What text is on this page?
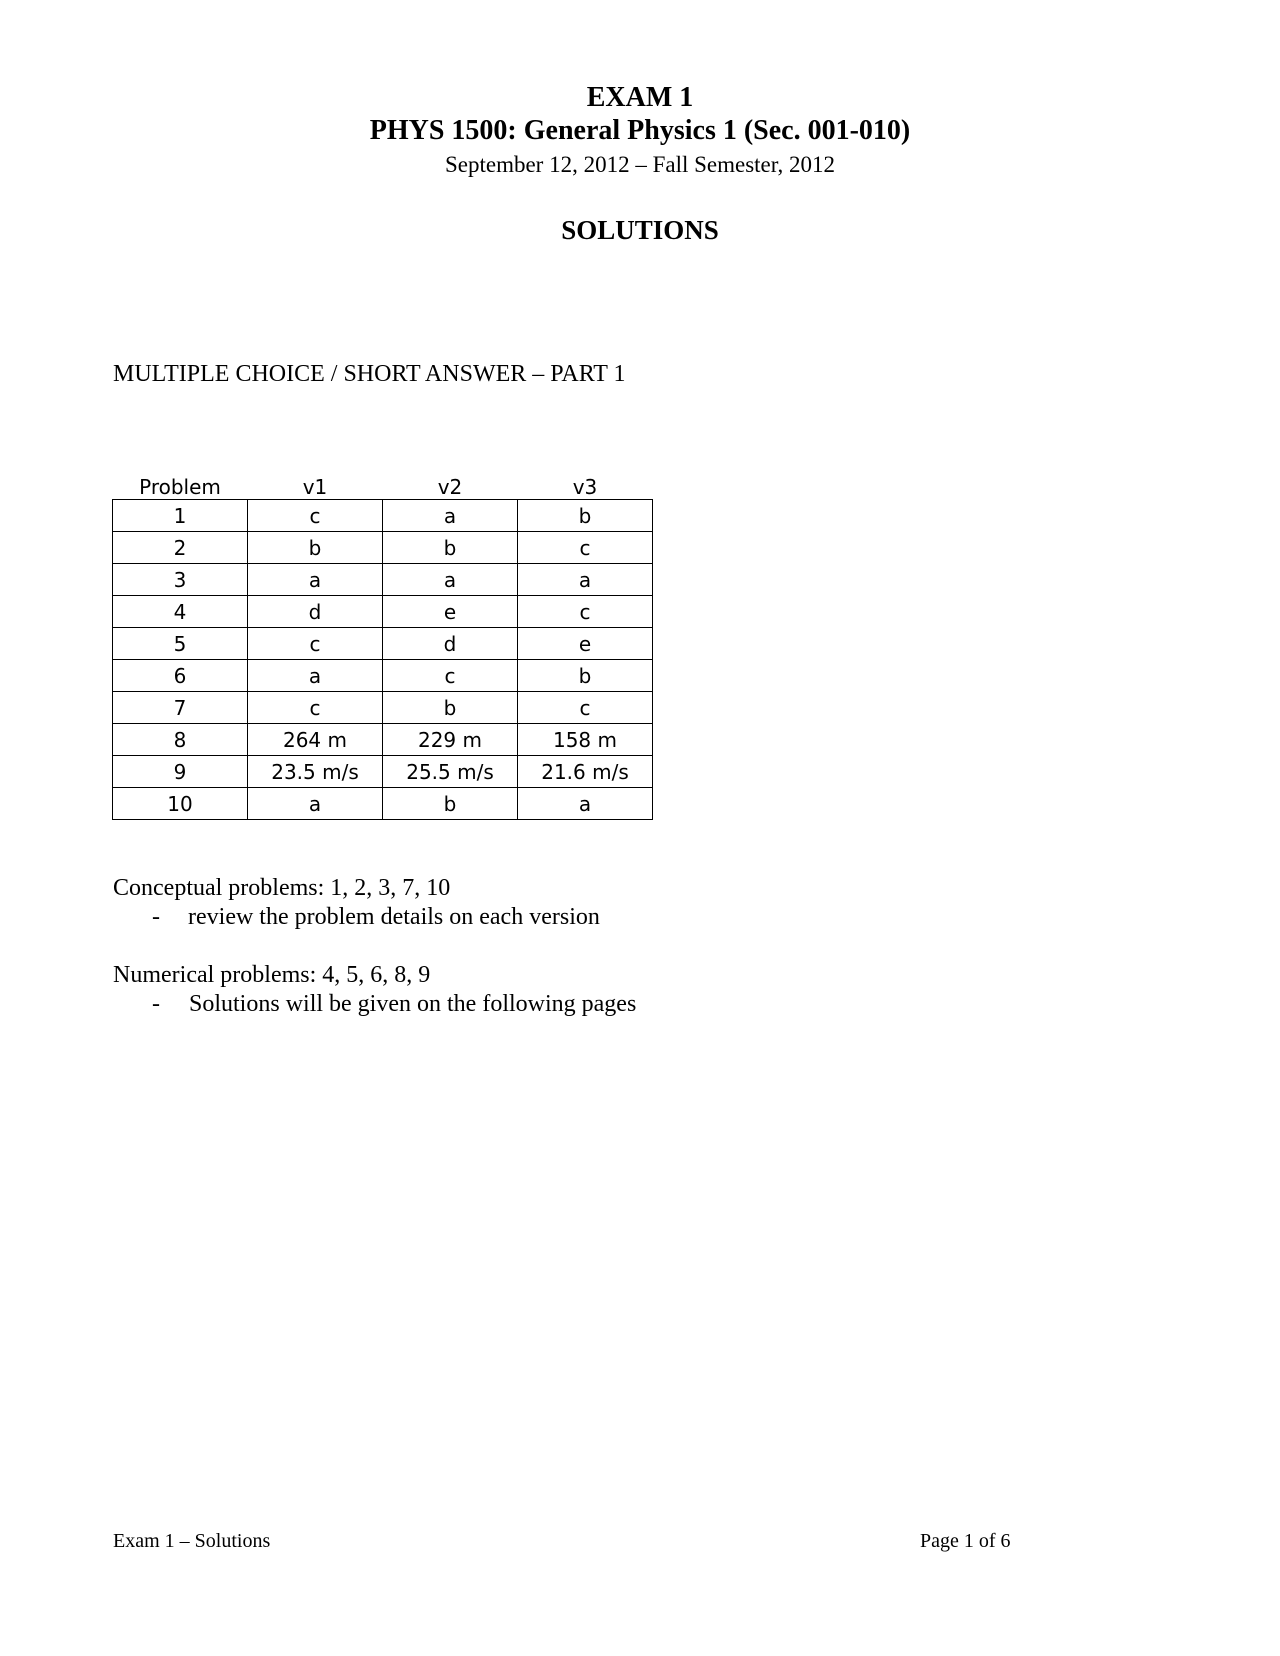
EXAM 1
PHYS 1500: General Physics 1 (Sec. 001-010)
September 12, 2012 – Fall Semester, 2012
SOLUTIONS
MULTIPLE CHOICE / SHORT ANSWER – PART 1
Problem	v1	v2	v3
1	c	a	b
2	b	b	c
3	a	a	a
4	d	e	c
5	c	d	e
6	a	c	b
7	c	b	c
8	264 m	229 m	158 m
9	23.5 m/s	25.5 m/s	21.6 m/s
10	a	b	a
Conceptual problems: 1, 2, 3, 7, 10
- review the problem details on each version
Numerical problems: 4, 5, 6, 8, 9
- Solutions will be given on the following pages
Exam 1 – Solutions	Page 1 of 6
